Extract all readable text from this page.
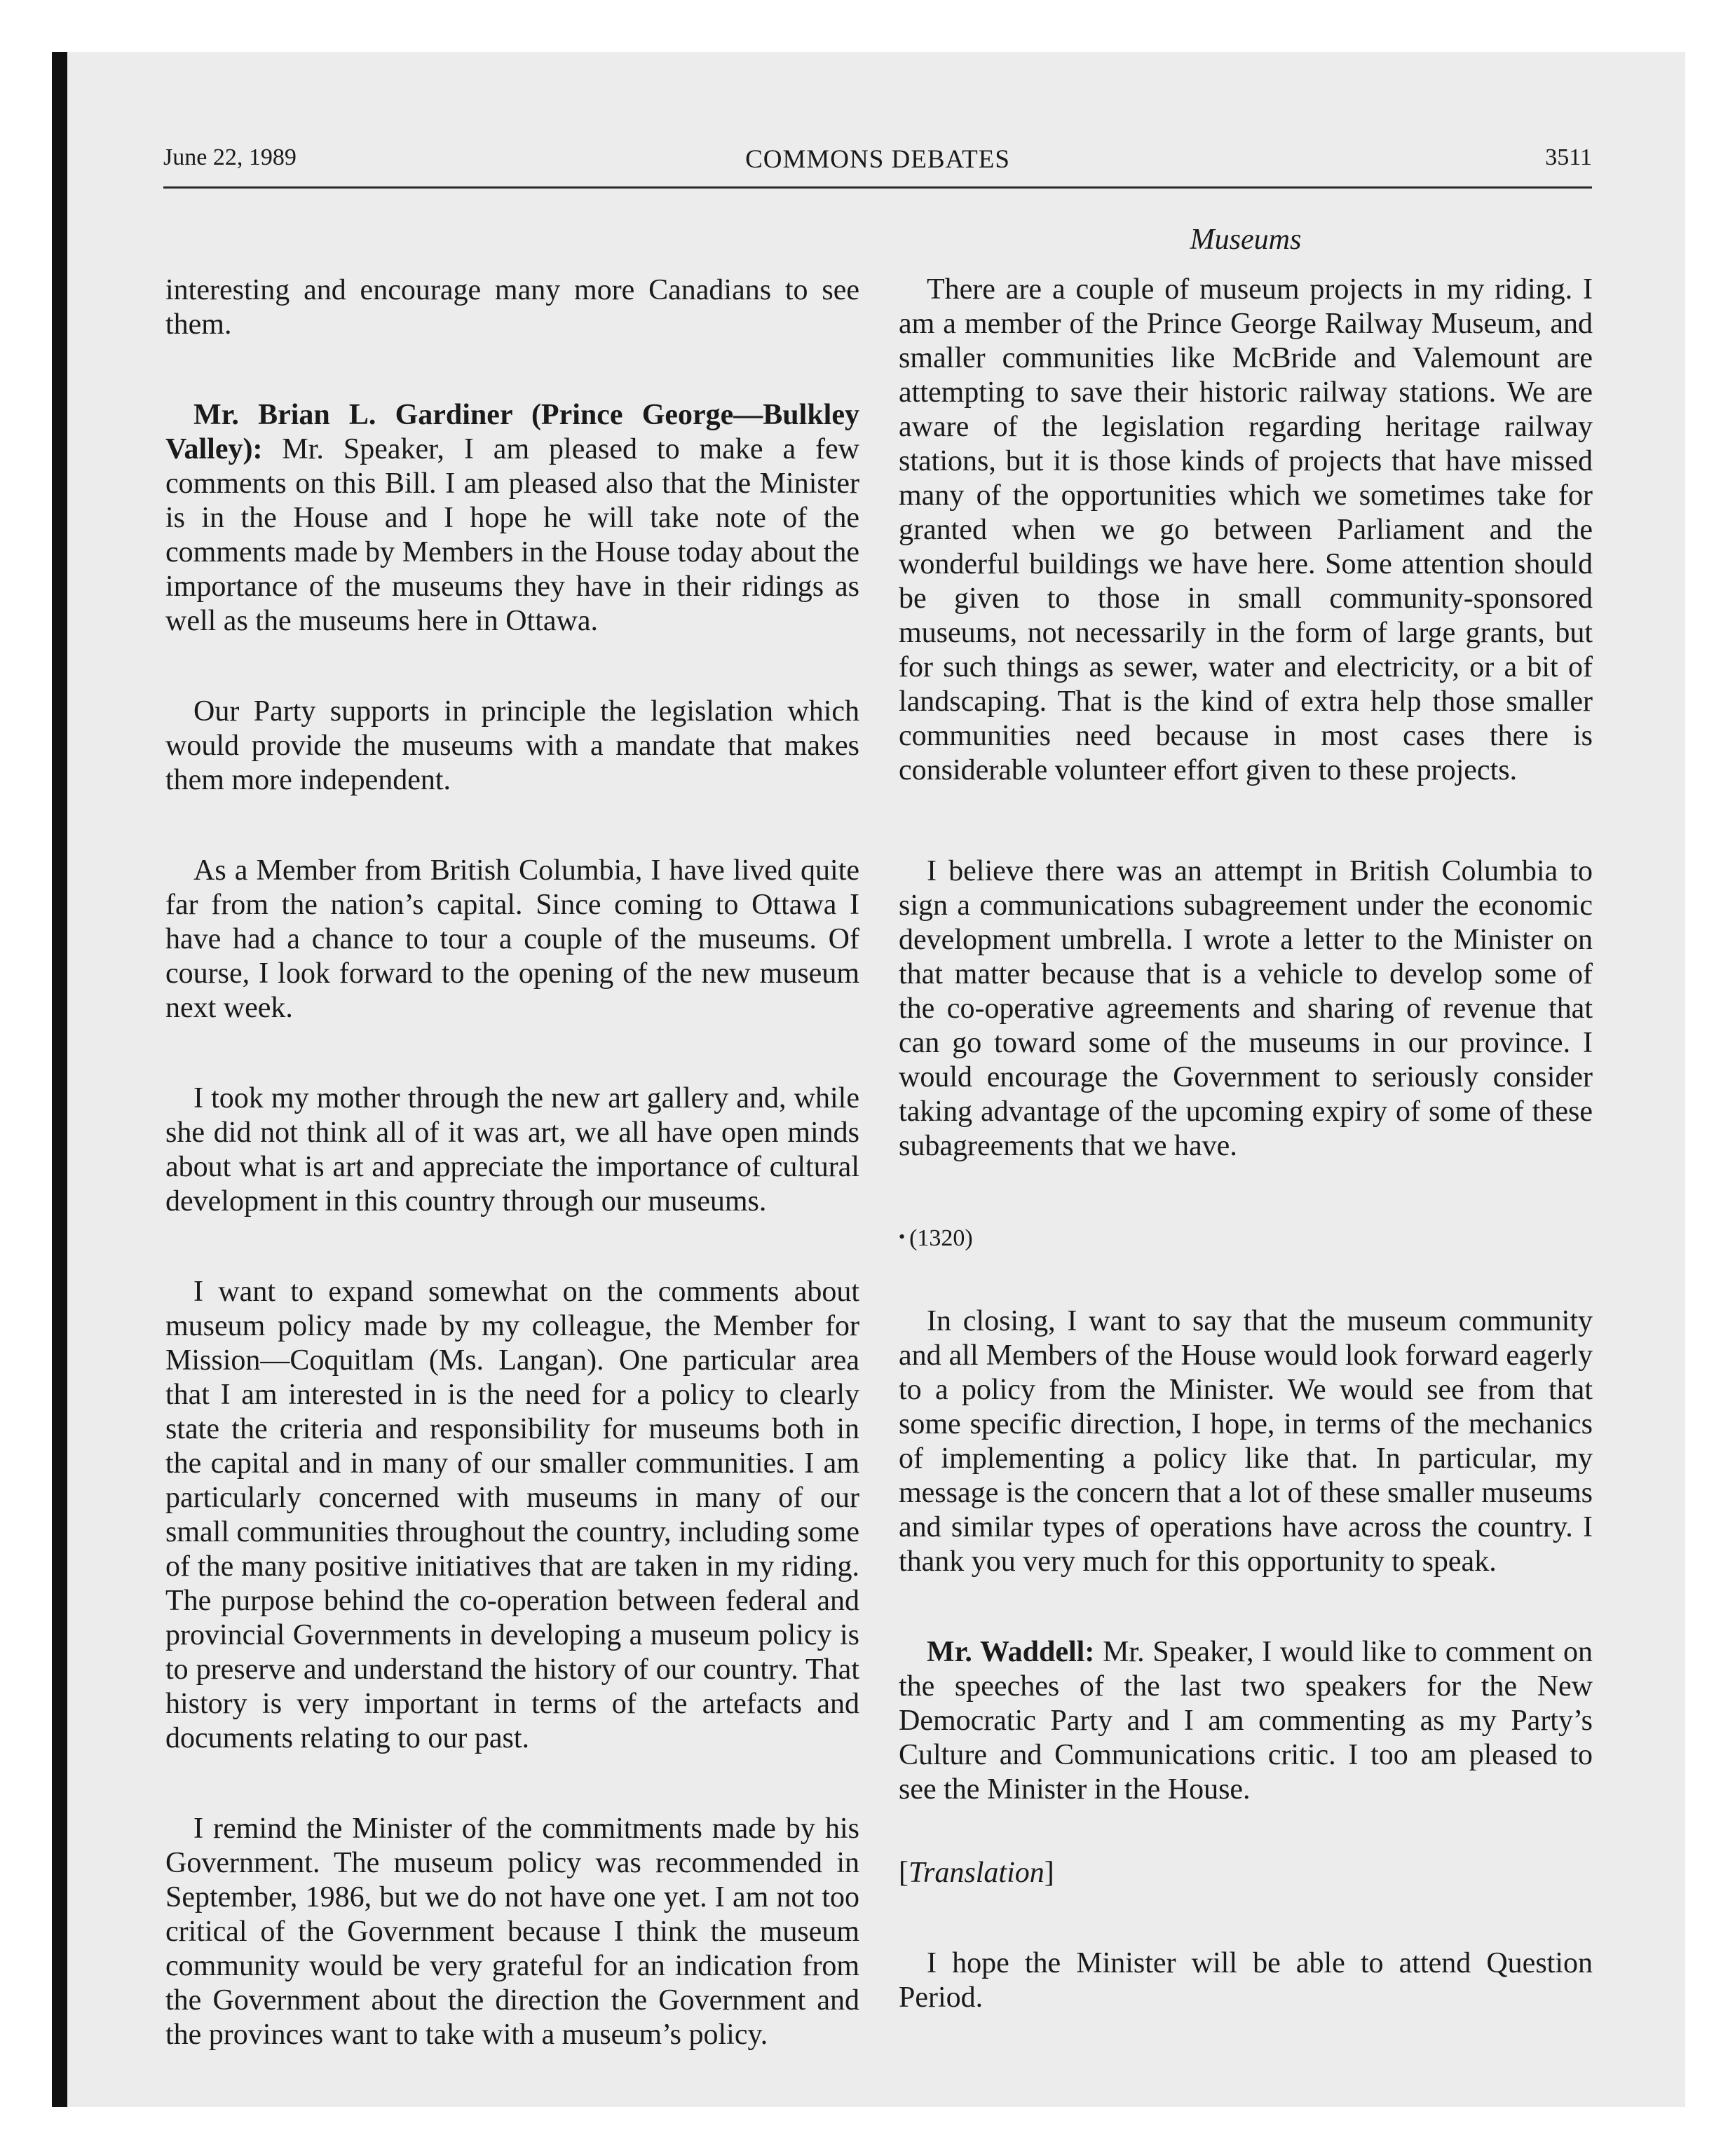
June 22, 1989	COMMONS DEBATES	3511

interesting and encourage many more Canadians to see them.

Mr. Brian L. Gardiner (Prince George—Bulkley Valley): Mr. Speaker, I am pleased to make a few comments on this Bill. I am pleased also that the Minister is in the House and I hope he will take note of the comments made by Members in the House today about the importance of the museums they have in their ridings as well as the museums here in Ottawa.

Our Party supports in principle the legislation which would provide the museums with a mandate that makes them more independent.

As a Member from British Columbia, I have lived quite far from the nation’s capital. Since coming to Ottawa I have had a chance to tour a couple of the museums. Of course, I look forward to the opening of the new museum next week.

I took my mother through the new art gallery and, while she did not think all of it was art, we all have open minds about what is art and appreciate the importance of cultural development in this country through our museums.

I want to expand somewhat on the comments about museum policy made by my colleague, the Member for Mission—Coquitlam (Ms. Langan). One particular area that I am interested in is the need for a policy to clearly state the criteria and responsibility for museums both in the capital and in many of our smaller communities. I am particularly concerned with museums in many of our small communities throughout the country, including some of the many positive initiatives that are taken in my riding. The purpose behind the co-operation between federal and provincial Governments in developing a museum policy is to preserve and understand the history of our country. That history is very important in terms of the artefacts and documents relating to our past.

I remind the Minister of the commitments made by his Government. The museum policy was recommended in September, 1986, but we do not have one yet. I am not too critical of the Government because I think the museum community would be very grateful for an indication from the Government about the direction the Government and the provinces want to take with a museum’s policy.

Museums

There are a couple of museum projects in my riding. I am a member of the Prince George Railway Museum, and smaller communities like McBride and Valemount are attempting to save their historic railway stations. We are aware of the legislation regarding heritage railway stations, but it is those kinds of projects that have missed many of the opportunities which we sometimes take for granted when we go between Parliament and the wonderful buildings we have here. Some attention should be given to those in small community-sponsored museums, not necessarily in the form of large grants, but for such things as sewer, water and electricity, or a bit of landscaping. That is the kind of extra help those smaller communities need because in most cases there is considerable volunteer effort given to these projects.

I believe there was an attempt in British Columbia to sign a communications subagreement under the economic development umbrella. I wrote a letter to the Minister on that matter because that is a vehicle to develop some of the co-operative agreements and sharing of revenue that can go toward some of the museums in our province. I would encourage the Government to seriously consider taking advantage of the upcoming expiry of some of these subagreements that we have.

• (1320)

In closing, I want to say that the museum community and all Members of the House would look forward eagerly to a policy from the Minister. We would see from that some specific direction, I hope, in terms of the mechanics of implementing a policy like that. In particular, my message is the concern that a lot of these smaller museums and similar types of operations have across the country. I thank you very much for this opportunity to speak.

Mr. Waddell: Mr. Speaker, I would like to comment on the speeches of the last two speakers for the New Democratic Party and I am commenting as my Party’s Culture and Communications critic. I too am pleased to see the Minister in the House.

[Translation]

I hope the Minister will be able to attend Question Period.
